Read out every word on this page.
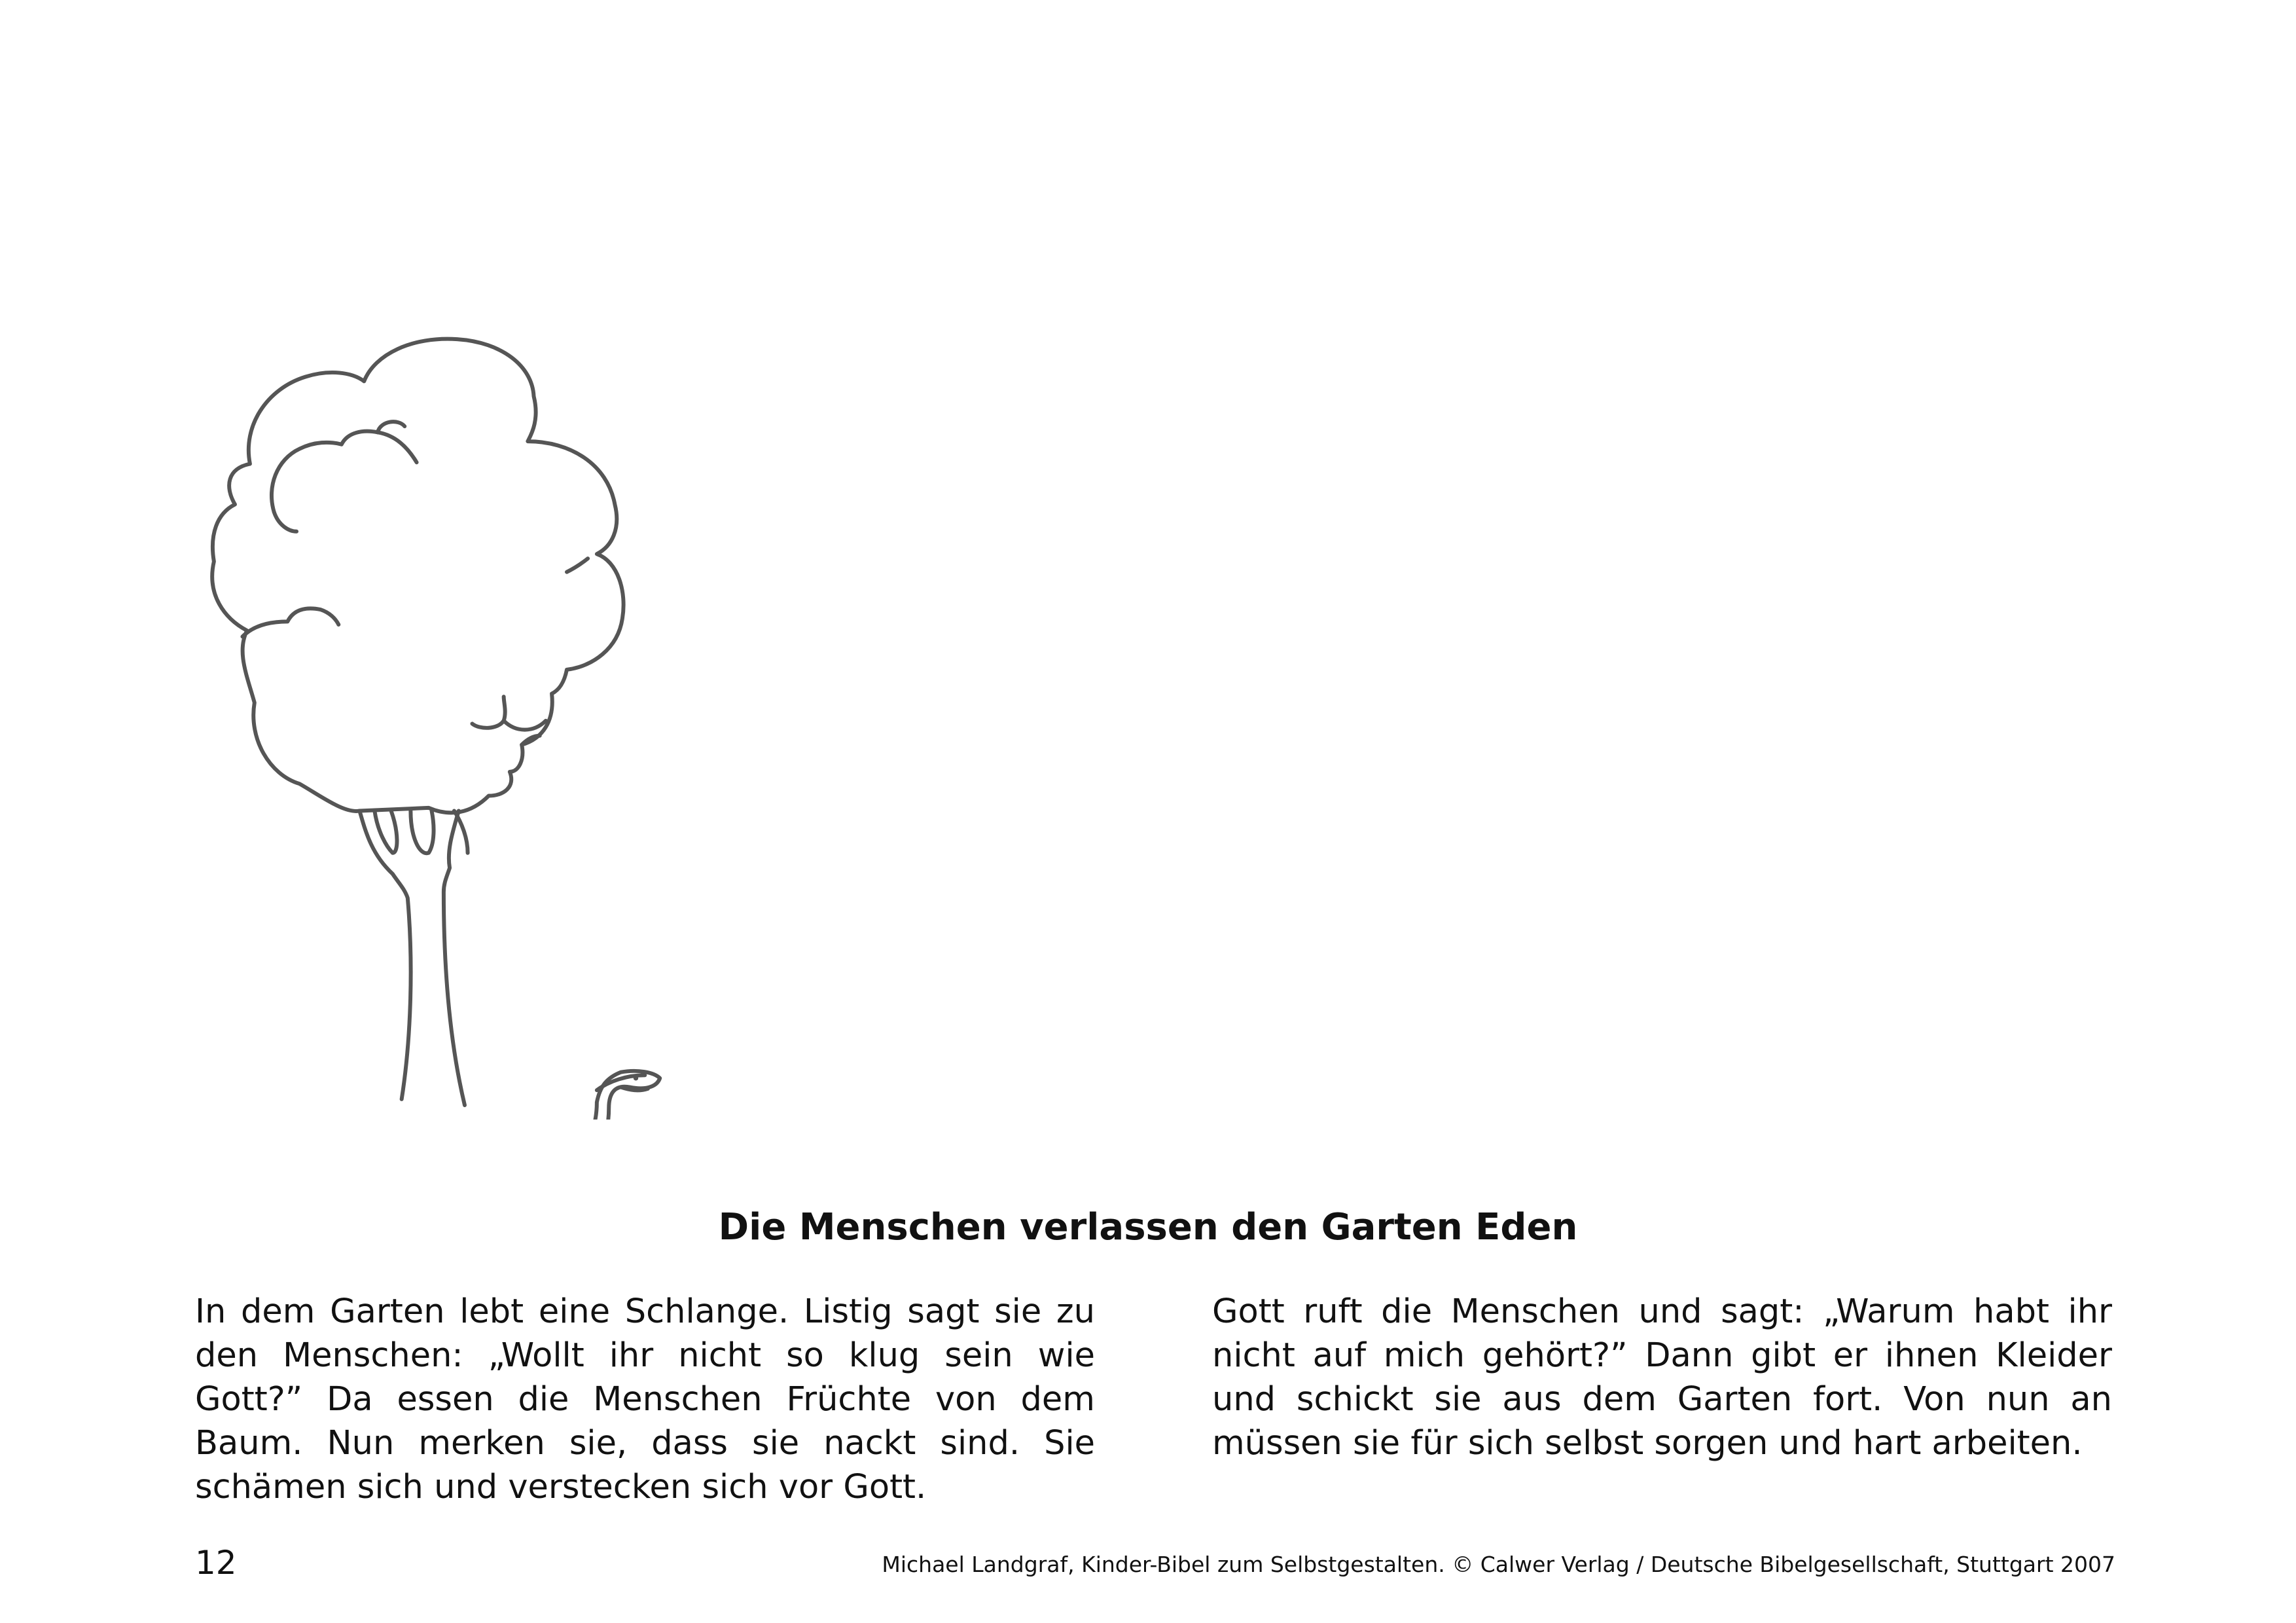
Die Menschen verlassen den Garten Eden
In dem Garten lebt eine Schlange. Listig sagt sie zu den Menschen: „Wollt ihr nicht so klug sein wie Gott?” Da essen die Menschen Früchte von dem Baum. Nun merken sie, dass sie nackt sind. Sie schämen sich und verstecken sich vor Gott.
Gott ruft die Menschen und sagt: „Warum habt ihr nicht auf mich gehört?” Dann gibt er ihnen Kleider und schickt sie aus dem Garten fort. Von nun an müssen sie für sich selbst sorgen und hart arbeiten.
12	Michael Landgraf, Kinder-Bibel zum Selbstgestalten. © Calwer Verlag / Deutsche Bibelgesellschaft, Stuttgart 2007
